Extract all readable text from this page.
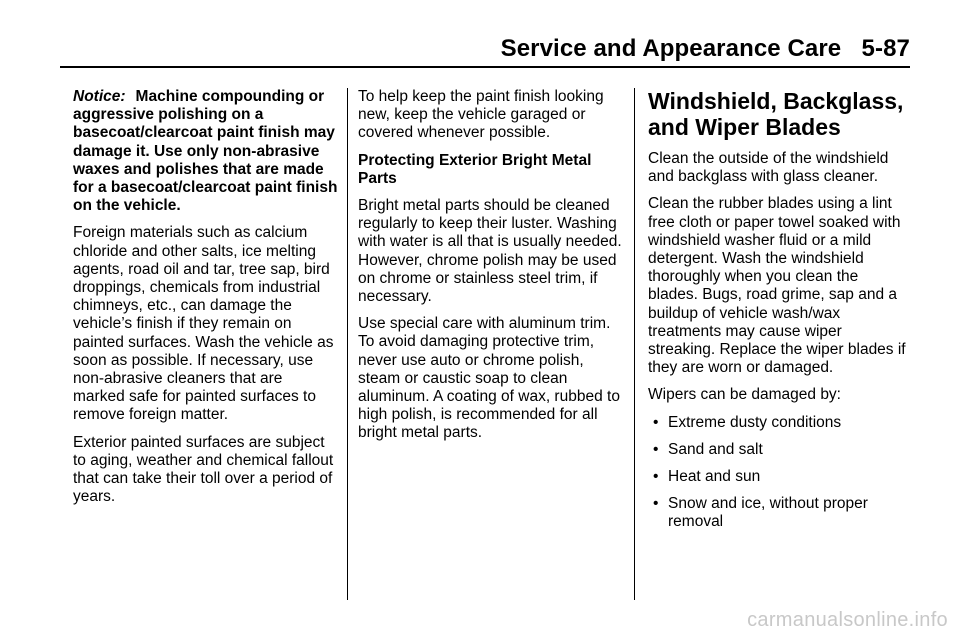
Service and Appearance Care   5-87

Notice: Machine compounding or aggressive polishing on a basecoat/clearcoat paint finish may damage it. Use only non-abrasive waxes and polishes that are made for a basecoat/clearcoat paint finish on the vehicle.

Foreign materials such as calcium chloride and other salts, ice melting agents, road oil and tar, tree sap, bird droppings, chemicals from industrial chimneys, etc., can damage the vehicle’s finish if they remain on painted surfaces. Wash the vehicle as soon as possible. If necessary, use non-abrasive cleaners that are marked safe for painted surfaces to remove foreign matter.

Exterior painted surfaces are subject to aging, weather and chemical fallout that can take their toll over a period of years.

To help keep the paint finish looking new, keep the vehicle garaged or covered whenever possible.

Protecting Exterior Bright Metal Parts

Bright metal parts should be cleaned regularly to keep their luster. Washing with water is all that is usually needed. However, chrome polish may be used on chrome or stainless steel trim, if necessary.

Use special care with aluminum trim. To avoid damaging protective trim, never use auto or chrome polish, steam or caustic soap to clean aluminum. A coating of wax, rubbed to high polish, is recommended for all bright metal parts.

Windshield, Backglass, and Wiper Blades

Clean the outside of the windshield and backglass with glass cleaner.

Clean the rubber blades using a lint free cloth or paper towel soaked with windshield washer fluid or a mild detergent. Wash the windshield thoroughly when you clean the blades. Bugs, road grime, sap and a buildup of vehicle wash/wax treatments may cause wiper streaking. Replace the wiper blades if they are worn or damaged.

Wipers can be damaged by:

• Extreme dusty conditions
• Sand and salt
• Heat and sun
• Snow and ice, without proper removal
carmanualsonline.info
